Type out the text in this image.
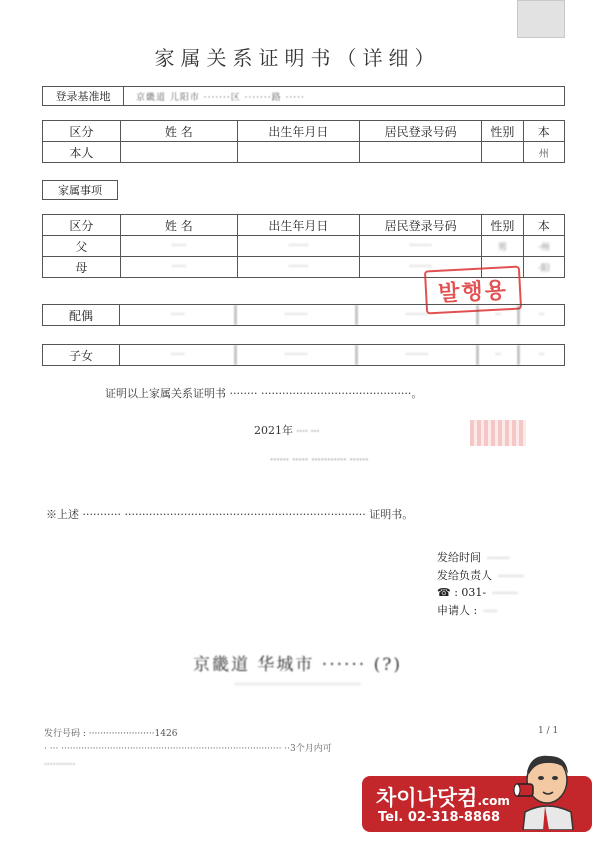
家属关系证明书（详细）
登录基准地	京畿道 儿阳市 ·······区 ·······路 ·····
区分	姓 名	出生年月日	居民登录号码	性别	本
本人					州
家属事项
区分	姓 名	出生年月日	居民登录号码	性别	本
父	·····	·······	········	男	·州
母	·····	·······	········		·阳
발행용
配偶	·····	········	········	··	··
子女	·····	········	········	··	··
证明以上家属关系证明书 ········ ···········································。
2021年 ···· ···
······ ····· ··········· ······
※上述 ··········· ····································································· 证明书。
发给时间 ········
发给负责人 ·········
☎ : 031- ·········
申请人 : ·····
京畿道 华城市 ······ (?)
············································
发行号码 : ·······················1426	1 / 1
· ··· ············································································· ··3个月内可
···········
차이나닷컴.com
Tel. 02-318-8868
